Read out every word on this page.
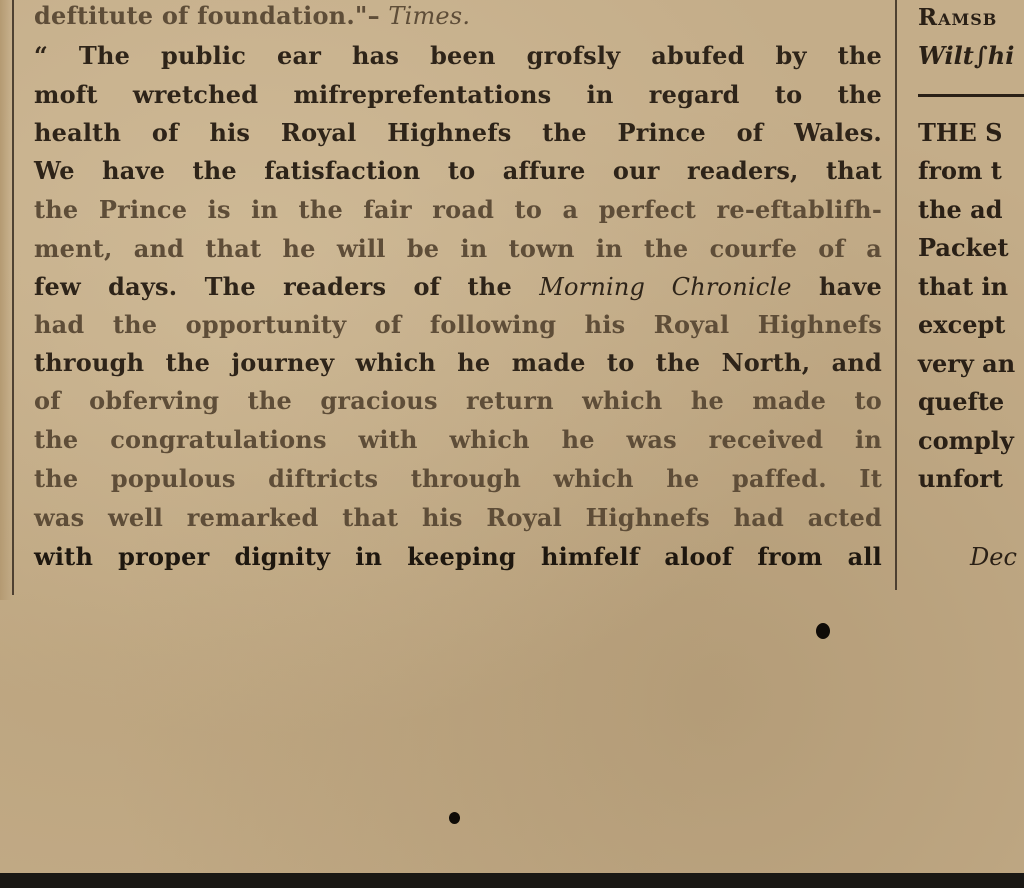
deftitute of foundation."– Times.
“ The public ear has been grofsly abufed by the
moft wretched mifreprefentations in regard to the
health of his Royal Highnefs the Prince of Wales.
We have the fatisfaction to affure our readers, that
the Prince is in the fair road to a perfect re-eftablifh-
ment, and that he will be in town in the courfe of a
few days. The readers of the Morning Chronicle have
had the opportunity of following his Royal Highnefs
through the journey which he made to the North, and
of obferving the gracious return which he made to
the congratulations with which he was received in
the populous diftricts through which he paffed. It
was well remarked that his Royal Highnefs had acted
with proper dignity in keeping himfelf aloof from all
Ramsb
Wilt∫hi
THE S
from t
the ad
Packet
that in
except
very an
quefte
comply
unfort
Dec
